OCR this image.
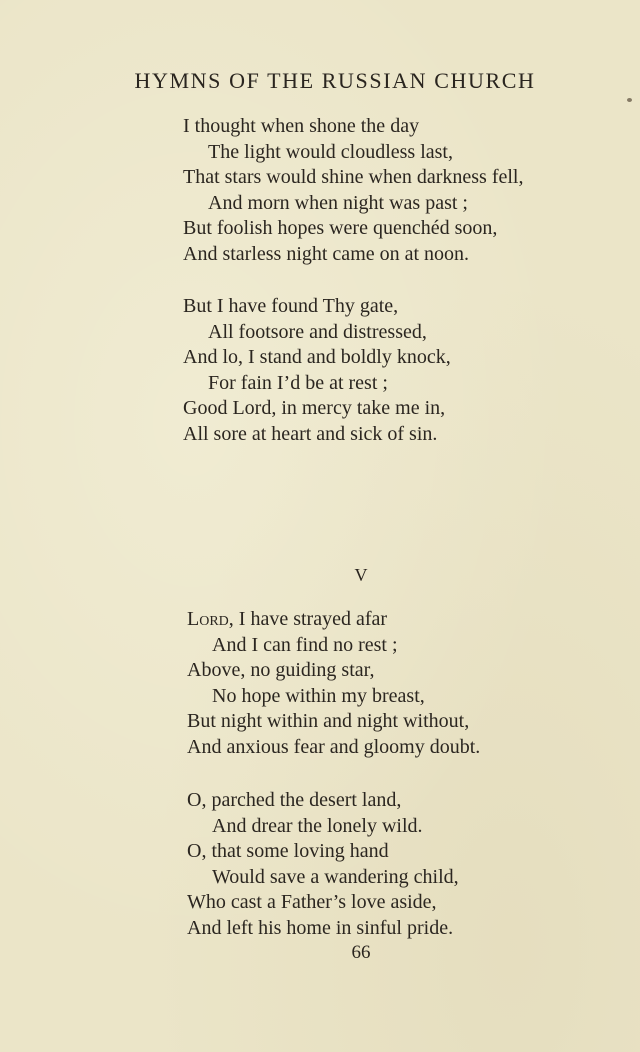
HYMNS OF THE RUSSIAN CHURCH
I thought when shone the day
The light would cloudless last,
That stars would shine when darkness fell,
And morn when night was past ;
But foolish hopes were quenchéd soon,
And starless night came on at noon.
But I have found Thy gate,
All footsore and distressed,
And lo, I stand and boldly knock,
For fain I’d be at rest ;
Good Lord, in mercy take me in,
All sore at heart and sick of sin.
V
Lord, I have strayed afar
And I can find no rest ;
Above, no guiding star,
No hope within my breast,
But night within and night without,
And anxious fear and gloomy doubt.
O, parched the desert land,
And drear the lonely wild.
O, that some loving hand
Would save a wandering child,
Who cast a Father’s love aside,
And left his home in sinful pride.
66
